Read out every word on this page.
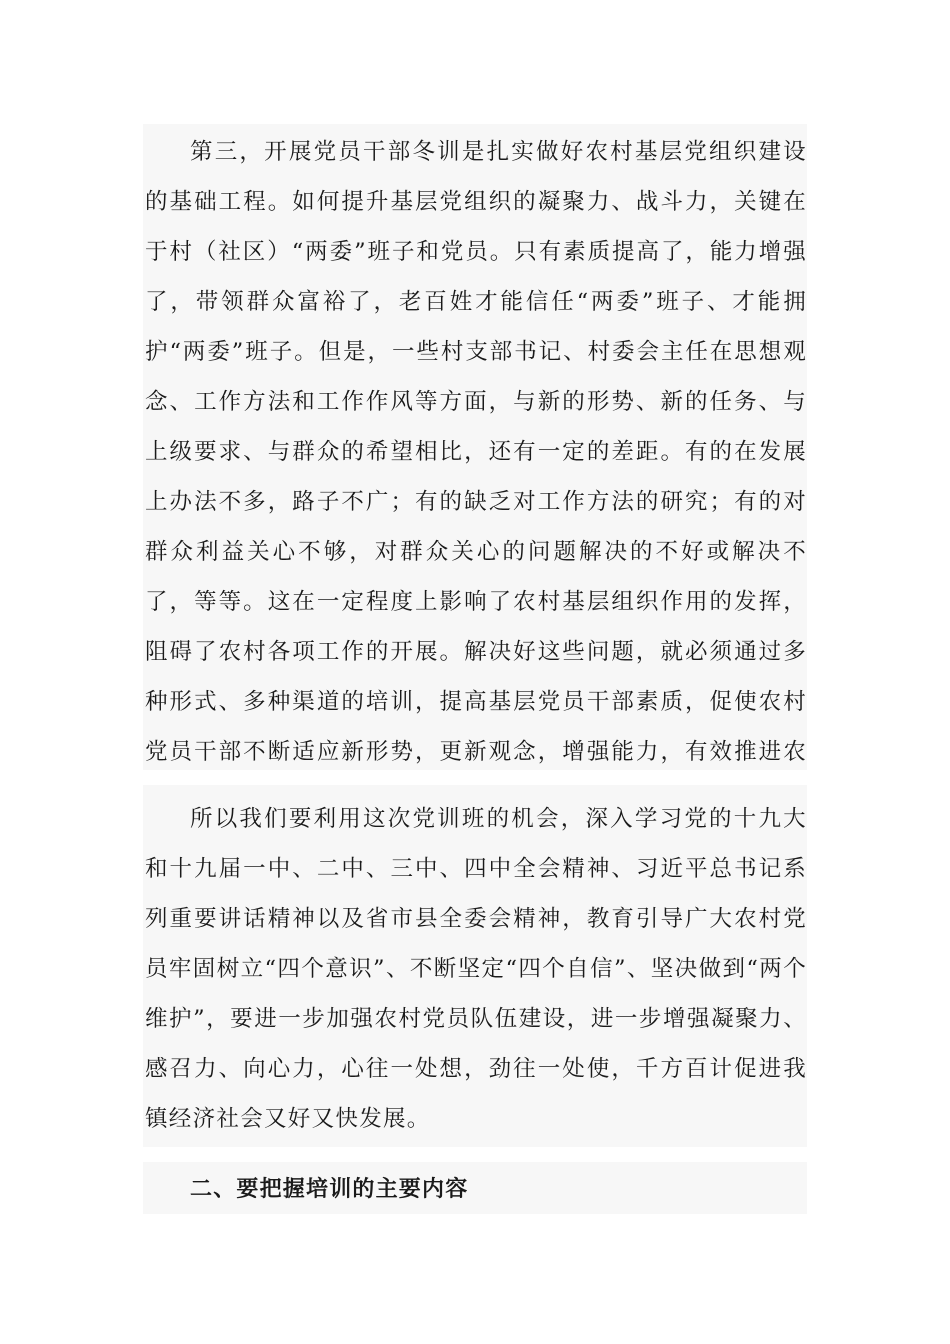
第三，开展党员干部冬训是扎实做好农村基层党组织建设的基础工程。如何提升基层党组织的凝聚力、战斗力，关键在于村（社区）“两委”班子和党员。只有素质提高了，能力增强了，带领群众富裕了，老百姓才能信任“两委”班子、才能拥护“两委”班子。但是，一些村支部书记、村委会主任在思想观念、工作方法和工作作风等方面，与新的形势、新的任务、与上级要求、与群众的希望相比，还有一定的差距。有的在发展上办法不多，路子不广；有的缺乏对工作方法的研究；有的对群众利益关心不够，对群众关心的问题解决的不好或解决不了，等等。这在一定程度上影响了农村基层组织作用的发挥，阻碍了农村各项工作的开展。解决好这些问题，就必须通过多种形式、多种渠道的培训，提高基层党员干部素质，促使农村党员干部不断适应新形势，更新观念，增强能力，有效推进农

所以我们要利用这次党训班的机会，深入学习党的十九大和十九届一中、二中、三中、四中全会精神、习近平总书记系列重要讲话精神以及省市县全委会精神，教育引导广大农村党员牢固树立“四个意识”、不断坚定“四个自信”、坚决做到“两个维护”，要进一步加强农村党员队伍建设，进一步增强凝聚力、感召力、向心力，心往一处想，劲往一处使，千方百计促进我镇经济社会又好又快发展。

二、要把握培训的主要内容
